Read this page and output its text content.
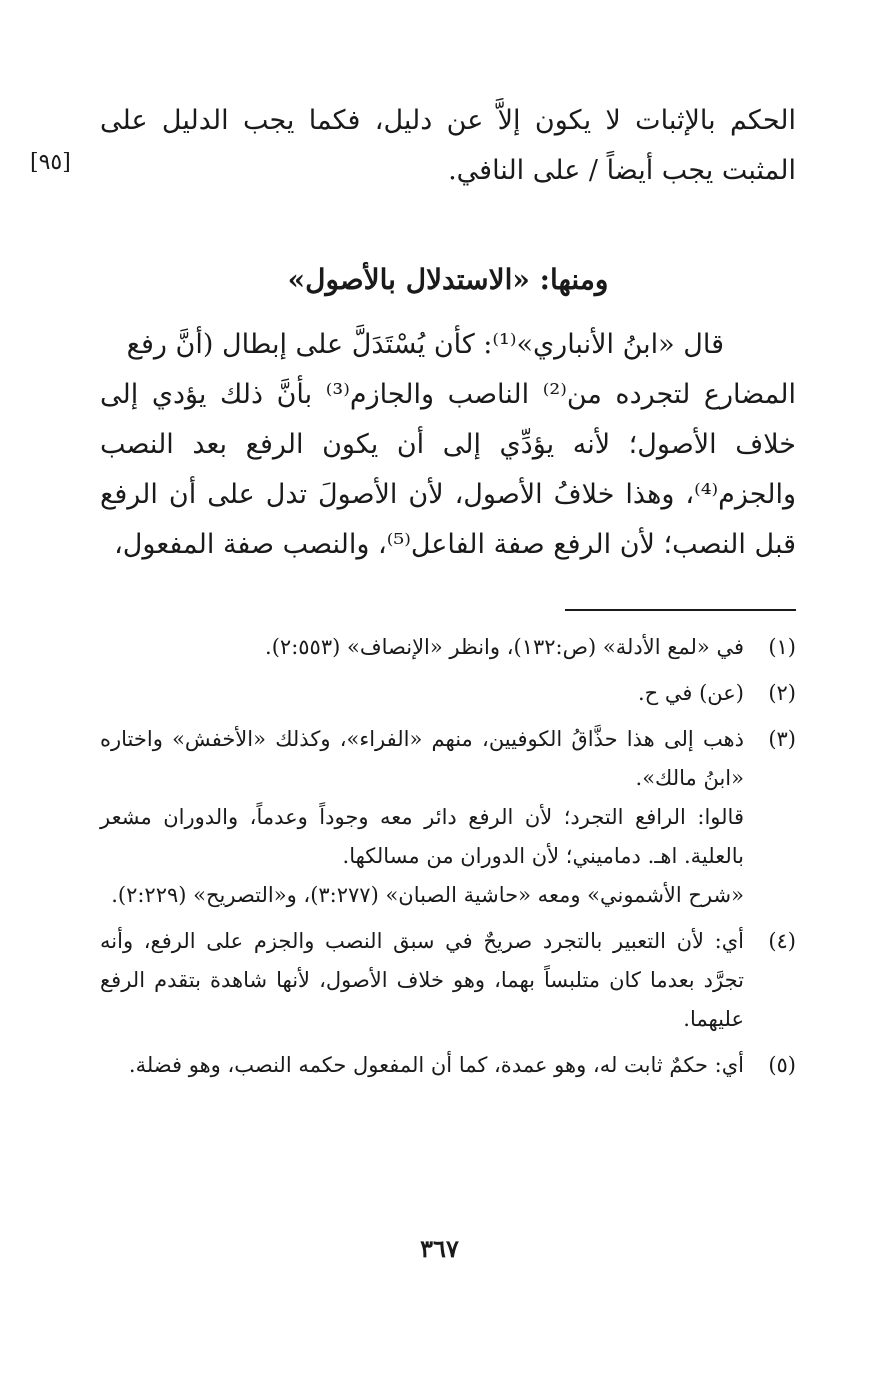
[٩٥]
الحكم بالإثبات لا يكون إلاَّ عن دليل، فكما يجب الدليل على المثبت يجب أيضاً / على النافي.
ومنها: «الاستدلال بالأصول»

قال «ابنُ الأنباري»⁽¹⁾: كأن يُسْتَدَلَّ على إبطال (أنَّ رفع

المضارع لتجرده من⁽²⁾ الناصب والجازم⁽³⁾ بأنَّ ذلك يؤدي إلى خلاف الأصول؛ لأنه يؤدِّي إلى أن يكون الرفع بعد النصب والجزم⁽⁴⁾، وهذا خلافُ الأصول، لأن الأصولَ تدل على أن الرفع قبل النصب؛ لأن الرفع صفة الفاعل⁽⁵⁾، والنصب صفة المفعول،

(١)

في «لمع الأدلة» (ص:١٣٢)، وانظر «الإنصاف» (٢:٥٥٣).

(٢)

(عن) في ح.

(٣)

ذهب إلى هذا حذَّاقُ الكوفيين، منهم «الفراء»، وكذلك «الأخفش» واختاره «ابنُ مالك».

قالوا: الرافع التجرد؛ لأن الرفع دائر معه وجوداً وعدماً، والدوران مشعر بالعلية. اهـ. دماميني؛ لأن الدوران من مسالكها.

«شرح الأشموني» ومعه «حاشية الصبان» (٣:٢٧٧)، و«التصريح» (٢:٢٢٩).

(٤)

أي: لأن التعبير بالتجرد صريحٌ في سبق النصب والجزم على الرفع، وأنه تجرَّد بعدما كان متلبساً بهما، وهو خلاف الأصول، لأنها شاهدة بتقدم الرفع عليهما.

(٥)

أي: حكمٌ ثابت له، وهو عمدة، كما أن المفعول حكمه النصب، وهو فضلة.

٣٦٧
